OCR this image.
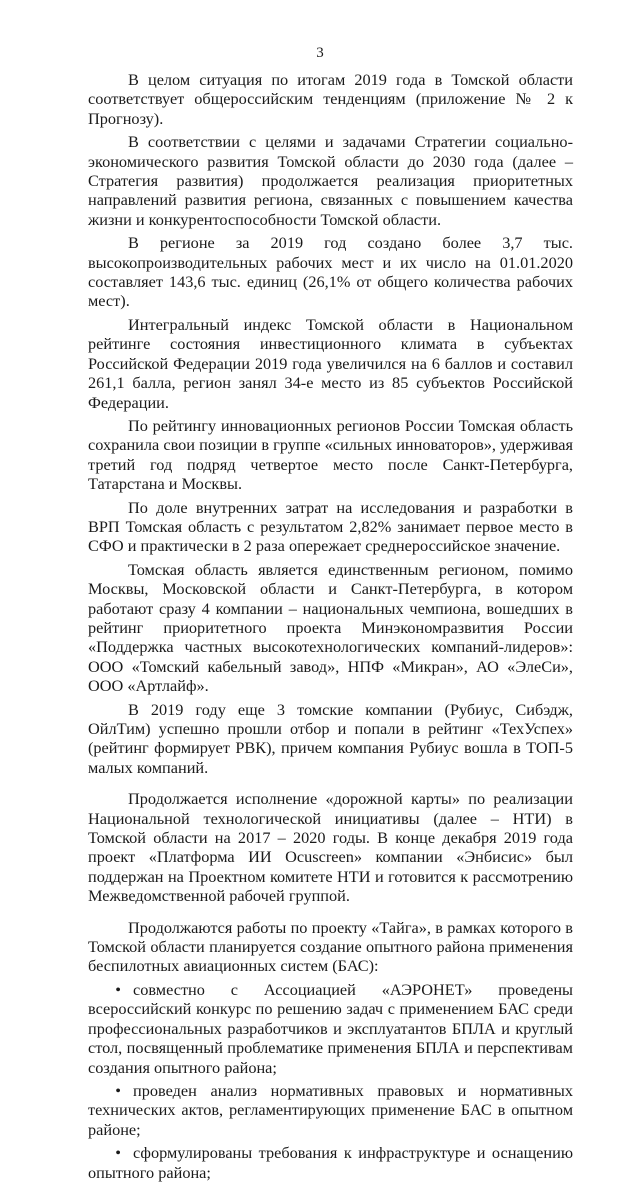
3

В целом ситуация по итогам 2019 года в Томской области соответствует общероссийским тенденциям (приложение № 2 к Прогнозу).

В соответствии с целями и задачами Стратегии социально-экономического развития Томской области до 2030 года (далее – Стратегия развития) продолжается реализация приоритетных направлений развития региона, связанных с повышением качества жизни и конкурентоспособности Томской области.

В регионе за 2019 год создано более 3,7 тыс. высокопроизводительных рабочих мест и их число на 01.01.2020 составляет 143,6 тыс. единиц (26,1% от общего количества рабочих мест).

Интегральный индекс Томской области в Национальном рейтинге состояния инвестиционного климата в субъектах Российской Федерации 2019 года увеличился на 6 баллов и составил 261,1 балла, регион занял 34-е место из 85 субъектов Российской Федерации.

По рейтингу инновационных регионов России Томская область сохранила свои позиции в группе «сильных инноваторов», удерживая третий год подряд четвертое место после Санкт-Петербурга, Татарстана и Москвы.

По доле внутренних затрат на исследования и разработки в ВРП Томская область с результатом 2,82% занимает первое место в СФО и практически в 2 раза опережает среднероссийское значение.

Томская область является единственным регионом, помимо Москвы, Московской области и Санкт-Петербурга, в котором работают сразу 4 компании – национальных чемпиона, вошедших в рейтинг приоритетного проекта Минэкономразвития России «Поддержка частных высокотехнологических компаний-лидеров»: ООО «Томский кабельный завод», НПФ «Микран», АО «ЭлеСи», ООО «Артлайф».

В 2019 году еще 3 томские компании (Рубиус, Сибэдж, ОйлТим) успешно прошли отбор и попали в рейтинг «ТехУспех» (рейтинг формирует РВК), причем компания Рубиус вошла в ТОП-5 малых компаний.

Продолжается исполнение «дорожной карты» по реализации Национальной технологической инициативы (далее – НТИ) в Томской области на 2017 – 2020 годы. В конце декабря 2019 года проект «Платформа ИИ Ocuscreen» компании «Энбисис» был поддержан на Проектном комитете НТИ и готовится к рассмотрению Межведомственной рабочей группой.

Продолжаются работы по проекту «Тайга», в рамках которого в Томской области планируется создание опытного района применения беспилотных авиационных систем (БАС):

•совместно с Ассоциацией «АЭРОНЕТ» проведены всероссийский конкурс по решению задач с применением БАС среди профессиональных разработчиков и эксплуатантов БПЛА и круглый стол, посвященный проблематике применения БПЛА и перспективам создания опытного района;

•проведен анализ нормативных правовых и нормативных технических актов, регламентирующих применение БАС в опытном районе;

•сформулированы требования к инфраструктуре и оснащению опытного района;
